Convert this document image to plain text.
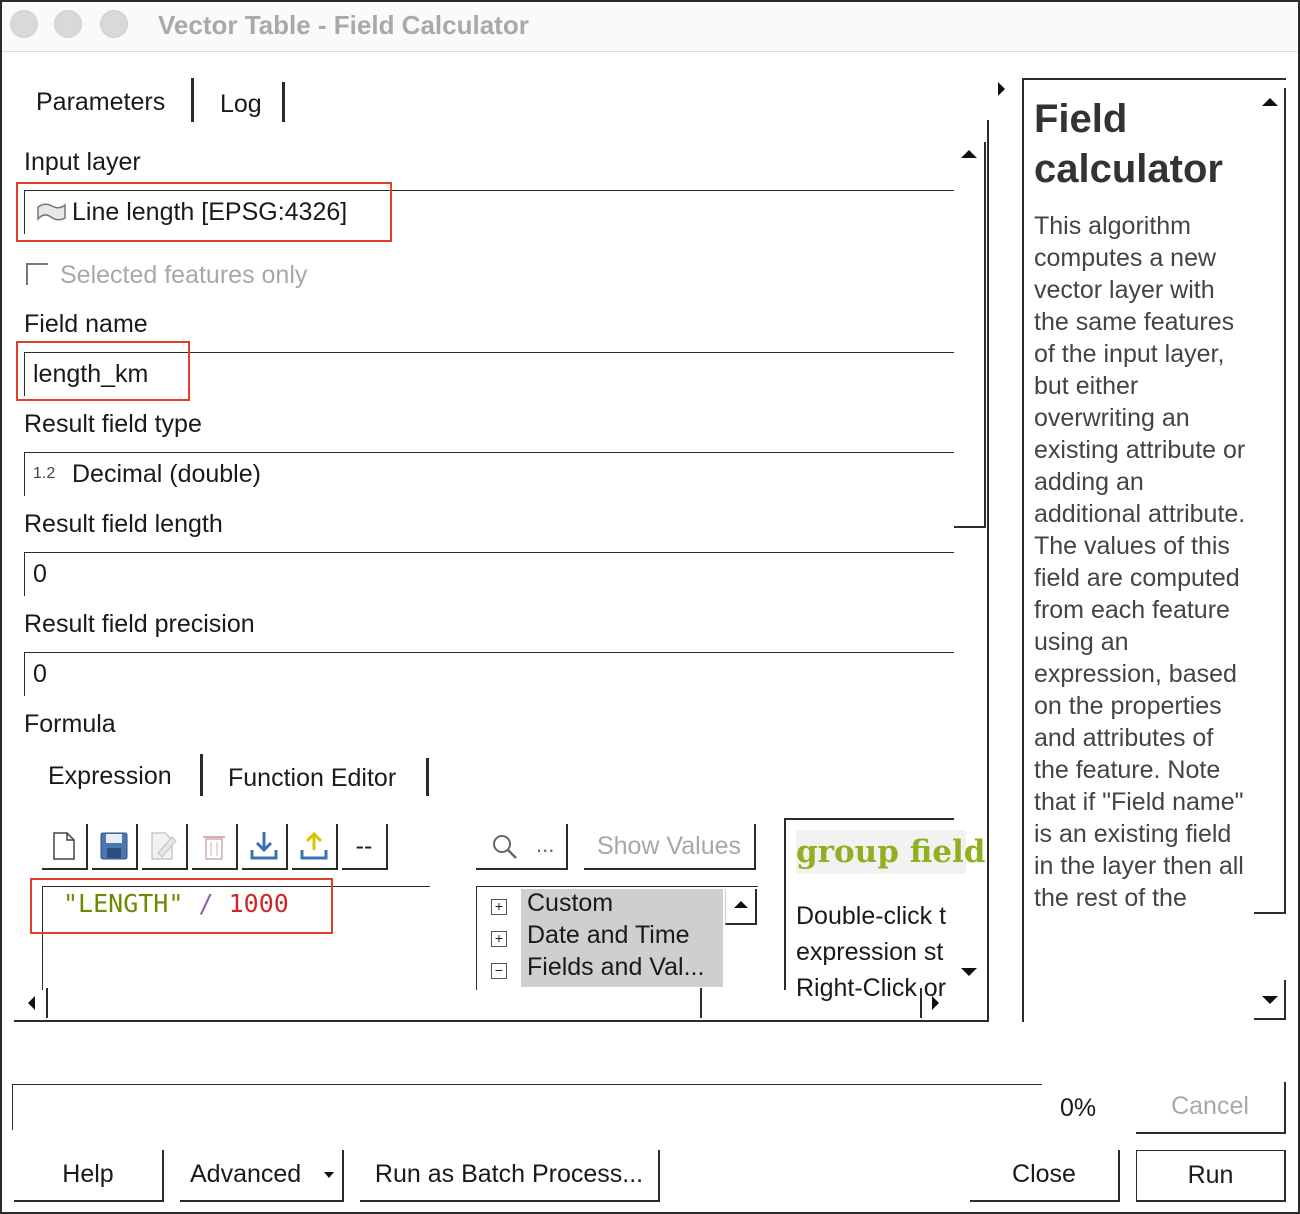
Vector Table - Field Calculator
Parameters Log
Input layer
Line length [EPSG:4326]
Selected features only
Field name
length_km
Result field type
1.2 Decimal (double)
Result field length
0
Result field precision
0
Formula
Expression Function Editor
--
"LENGTH" / 1000
...	Show Values
+ Custom
+ Date and Time
− Fields and Val...
group field
Double-click t
expression st
Right-Click or
Field calculator
This algorithm computes a new vector layer with the same features of the input layer, but either overwriting an existing attribute or adding an additional attribute. The values of this field are computed from each feature using an expression, based on the properties and attributes of the feature. Note that if "Field name" is an existing field in the layer then all the rest of the
0%	Cancel
Help	Advanced	Run as Batch Process...	Close	Run
